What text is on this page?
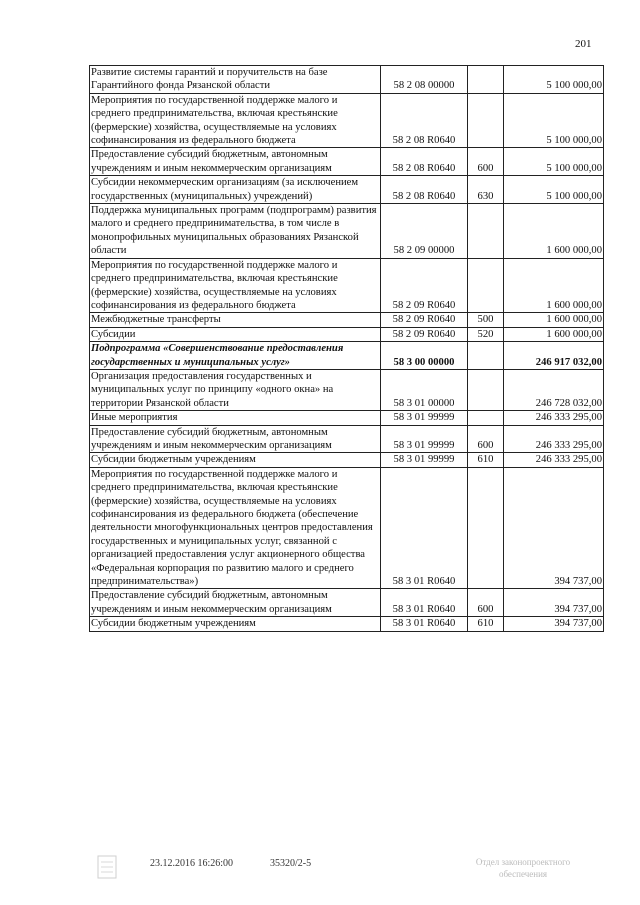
201
Развитие системы гарантий и поручительств на базе Гарантийного фонда Рязанской области	58 2 08 00000		5 100 000,00
Мероприятия по государственной поддержке малого и среднего предпринимательства, включая крестьянские (фермерские) хозяйства, осуществляемые на условиях софинансирования из федерального бюджета	58 2 08 R0640		5 100 000,00
Предоставление субсидий бюджетным, автономным учреждениям и иным некоммерческим организациям	58 2 08 R0640	600	5 100 000,00
Субсидии некоммерческим организациям (за исключением государственных (муниципальных) учреждений)	58 2 08 R0640	630	5 100 000,00
Поддержка муниципальных программ (подпрограмм) развития малого и среднего предпринимательства, в том числе в монопрофильных муниципальных образованиях Рязанской области	58 2 09 00000		1 600 000,00
Мероприятия по государственной поддержке малого и среднего предпринимательства, включая крестьянские (фермерские) хозяйства, осуществляемые на условиях софинансирования из федерального бюджета	58 2 09 R0640		1 600 000,00
Межбюджетные трансферты	58 2 09 R0640	500	1 600 000,00
Субсидии	58 2 09 R0640	520	1 600 000,00
Подпрограмма «Совершенствование предоставления государственных и муниципальных услуг»	58 3 00 00000		246 917 032,00
Организация предоставления государственных и муниципальных услуг по принципу «одного окна» на территории Рязанской области	58 3 01 00000		246 728 032,00
Иные мероприятия	58 3 01 99999		246 333 295,00
Предоставление субсидий бюджетным, автономным учреждениям и иным некоммерческим организациям	58 3 01 99999	600	246 333 295,00
Субсидии бюджетным учреждениям	58 3 01 99999	610	246 333 295,00
Мероприятия по государственной поддержке малого и среднего предпринимательства, включая крестьянские (фермерские) хозяйства, осуществляемые на условиях софинансирования из федерального бюджета (обеспечение деятельности многофункциональных центров предоставления государственных и муниципальных услуг, связанной с организацией предоставления услуг акционерного общества «Федеральная корпорация по развитию малого и среднего предпринимательства»)	58 3 01 R0640		394 737,00
Предоставление субсидий бюджетным, автономным учреждениям и иным некоммерческим организациям	58 3 01 R0640	600	394 737,00
Субсидии бюджетным учреждениям	58 3 01 R0640	610	394 737,00
23.12.2016 16:26:00	35320/2-5	Отдел законопроектного
обеспечения
